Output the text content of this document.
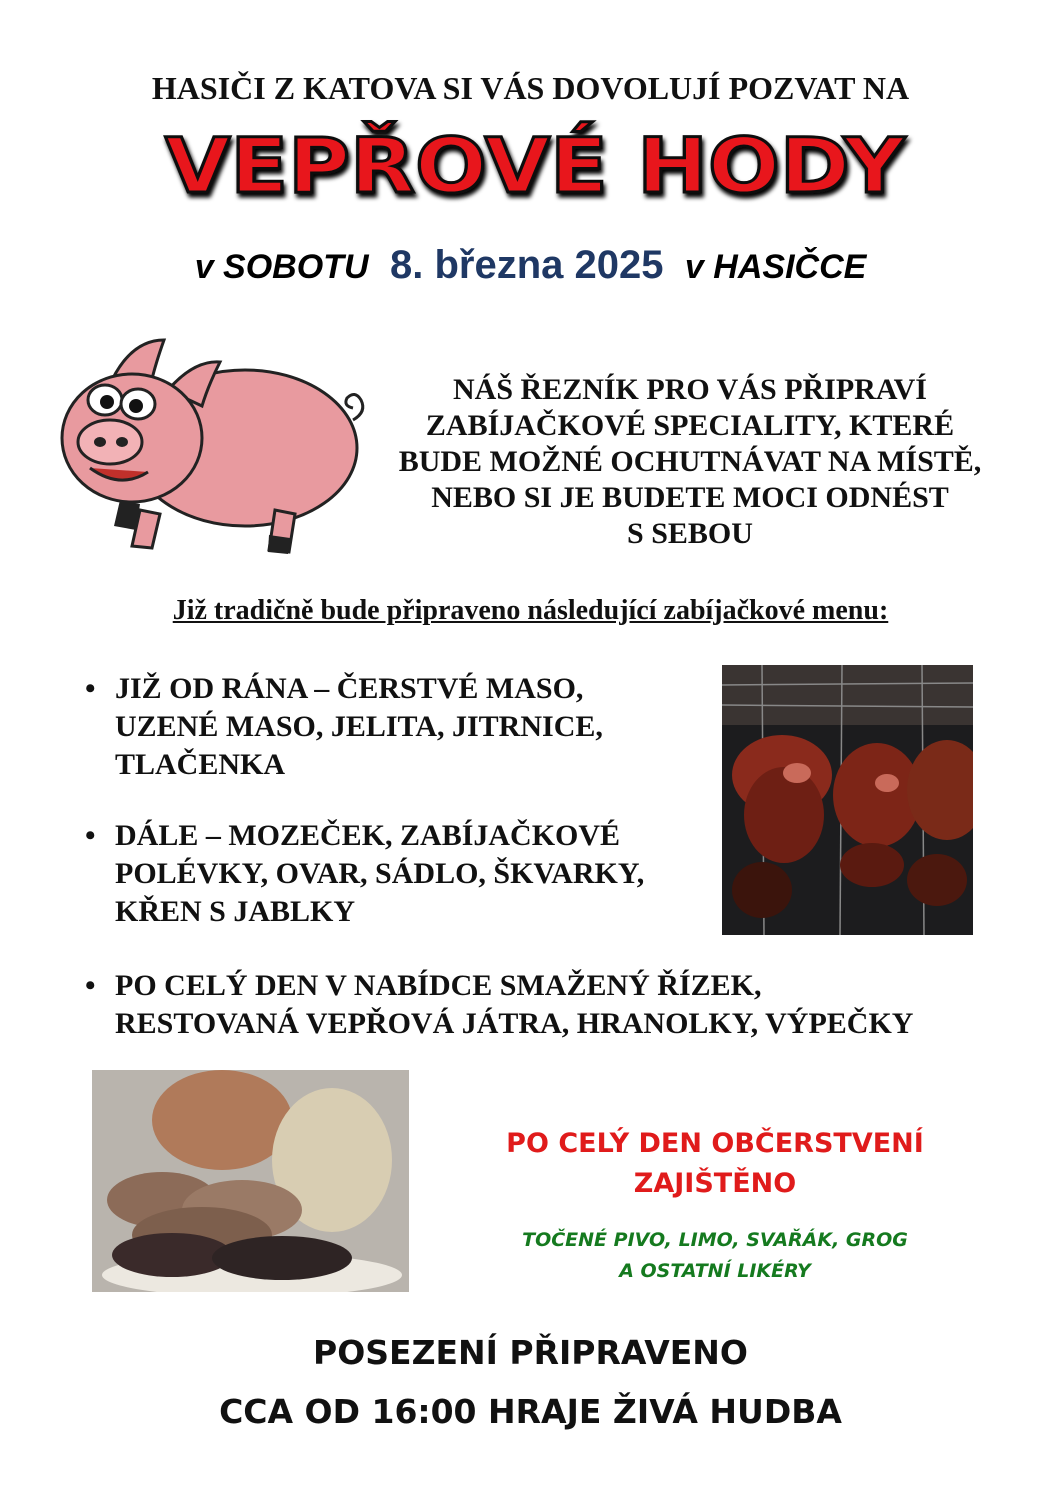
HASIČI Z KATOVA SI VÁS DOVOLUJÍ POZVAT NA
VEPŘOVÉ HODY
v SOBOTU 8. března 2025 v HASIČCE
NÁŠ ŘEZNÍK PRO VÁS PŘIPRAVÍ
ZABÍJAČKOVÉ SPECIALITY, KTERÉ
BUDE MOŽNÉ OCHUTNÁVAT NA MÍSTĚ,
NEBO SI JE BUDETE MOCI ODNÉST
S SEBOU
Již tradičně bude připraveno následující zabíjačkové menu:
• JIŽ OD RÁNA – ČERSTVÉ MASO,
UZENÉ MASO, JELITA, JITRNICE,
TLAČENKA
• DÁLE – MOZEČEK, ZABÍJAČKOVÉ
POLÉVKY, OVAR, SÁDLO, ŠKVARKY,
KŘEN S JABLKY
• PO CELÝ DEN V NABÍDCE SMAŽENÝ ŘÍZEK,
RESTOVANÁ VEPŘOVÁ JÁTRA, HRANOLKY, VÝPEČKY
PO CELÝ DEN OBČERSTVENÍ
ZAJIŠTĚNO
TOČENÉ PIVO, LIMO, SVAŘÁK, GROG
A OSTATNÍ LIKÉRY
POSEZENÍ PŘIPRAVENO
CCA OD 16:00 HRAJE ŽIVÁ HUDBA
